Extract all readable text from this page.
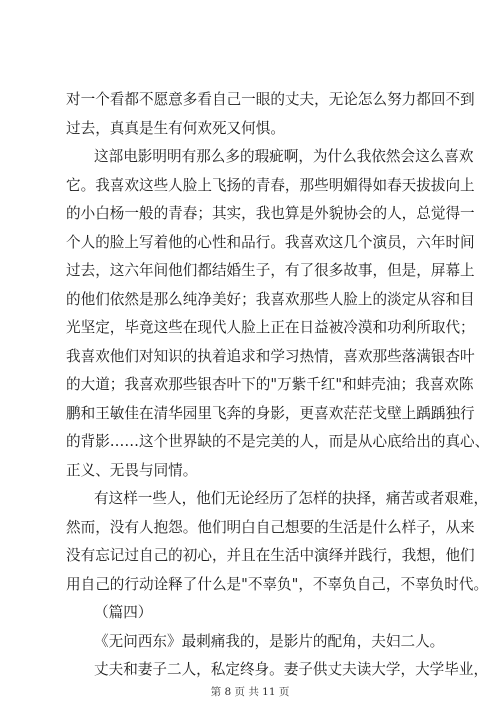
对一个看都不愿意多看自己一眼的丈夫，无论怎么努力都回不到
过去，真真是生有何欢死又何惧。
这部电影明明有那么多的瑕疵啊，为什么我依然会这么喜欢
它。我喜欢这些人脸上飞扬的青春，那些明媚得如春天拔拔向上
的小白杨一般的青春；其实，我也算是外貌协会的人，总觉得一
个人的脸上写着他的心性和品行。我喜欢这几个演员，六年时间
过去，这六年间他们都结婚生子，有了很多故事，但是，屏幕上
的他们依然是那么纯净美好；我喜欢那些人脸上的淡定从容和目
光坚定，毕竟这些在现代人脸上正在日益被冷漠和功利所取代；
我喜欢他们对知识的执着追求和学习热情，喜欢那些落满银杏叶
的大道；我喜欢那些银杏叶下的"万紫千红"和蚌壳油；我喜欢陈
鹏和王敏佳在清华园里飞奔的身影，更喜欢茫茫戈壁上踽踽独行
的背影……这个世界缺的不是完美的人，而是从心底给出的真心、
正义、无畏与同情。
有这样一些人，他们无论经历了怎样的抉择，痛苦或者艰难，
然而，没有人抱怨。他们明白自己想要的生活是什么样子，从来
没有忘记过自己的初心，并且在生活中演绎并践行，我想，他们
用自己的行动诠释了什么是"不辜负"，不辜负自己，不辜负时代。
（篇四）
《无问西东》最刺痛我的，是影片的配角，夫妇二人。
丈夫和妻子二人，私定终身。妻子供丈夫读大学，大学毕业，
第 8 页 共 11 页
